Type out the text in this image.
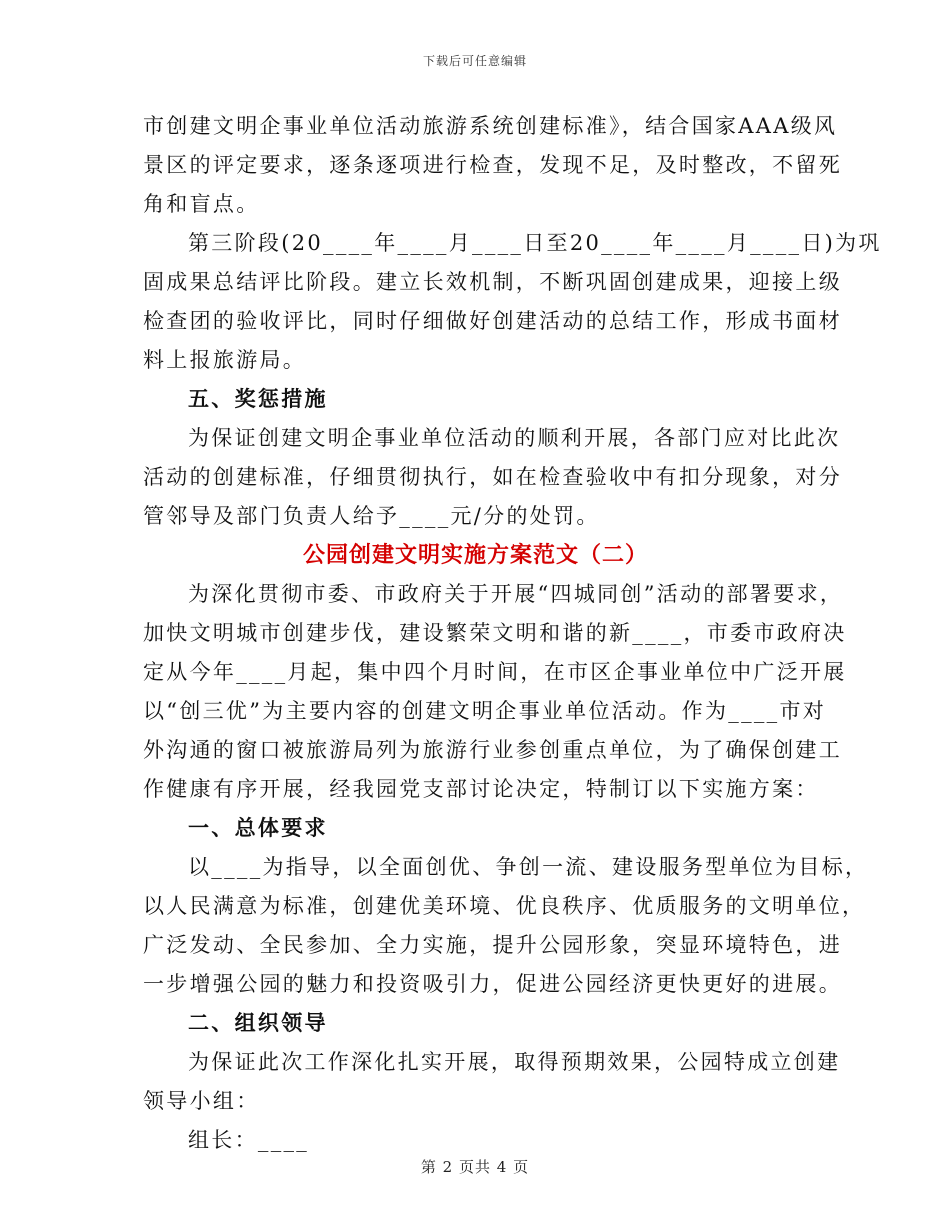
下载后可任意编辑
市创建文明企事业单位活动旅游系统创建标准》，结合国家AAA级风
景区的评定要求，逐条逐项进行检查，发现不足，及时整改，不留死
角和盲点。
第三阶段(20____年____月____日至20____年____月____日)为巩
固成果总结评比阶段。建立长效机制，不断巩固创建成果，迎接上级
检查团的验收评比，同时仔细做好创建活动的总结工作，形成书面材
料上报旅游局。
五、奖惩措施
为保证创建文明企事业单位活动的顺利开展，各部门应对比此次
活动的创建标准，仔细贯彻执行，如在检查验收中有扣分现象，对分
管邻导及部门负责人给予____元/分的处罚。
公园创建文明实施方案范文（二）
为深化贯彻市委、市政府关于开展“四城同创”活动的部署要求，
加快文明城市创建步伐，建设繁荣文明和谐的新____，市委市政府决
定从今年____月起，集中四个月时间，在市区企事业单位中广泛开展
以“创三优”为主要内容的创建文明企事业单位活动。作为____市对
外沟通的窗口被旅游局列为旅游行业参创重点单位，为了确保创建工
作健康有序开展，经我园党支部讨论决定，特制订以下实施方案：
一、总体要求
以____为指导，以全面创优、争创一流、建设服务型单位为目标，
以人民满意为标准，创建优美环境、优良秩序、优质服务的文明单位，
广泛发动、全民参加、全力实施，提升公园形象，突显环境特色，进
一步增强公园的魅力和投资吸引力，促进公园经济更快更好的进展。
二、组织领导
为保证此次工作深化扎实开展，取得预期效果，公园特成立创建
领导小组：
组长：____
第 2 页共 4 页
